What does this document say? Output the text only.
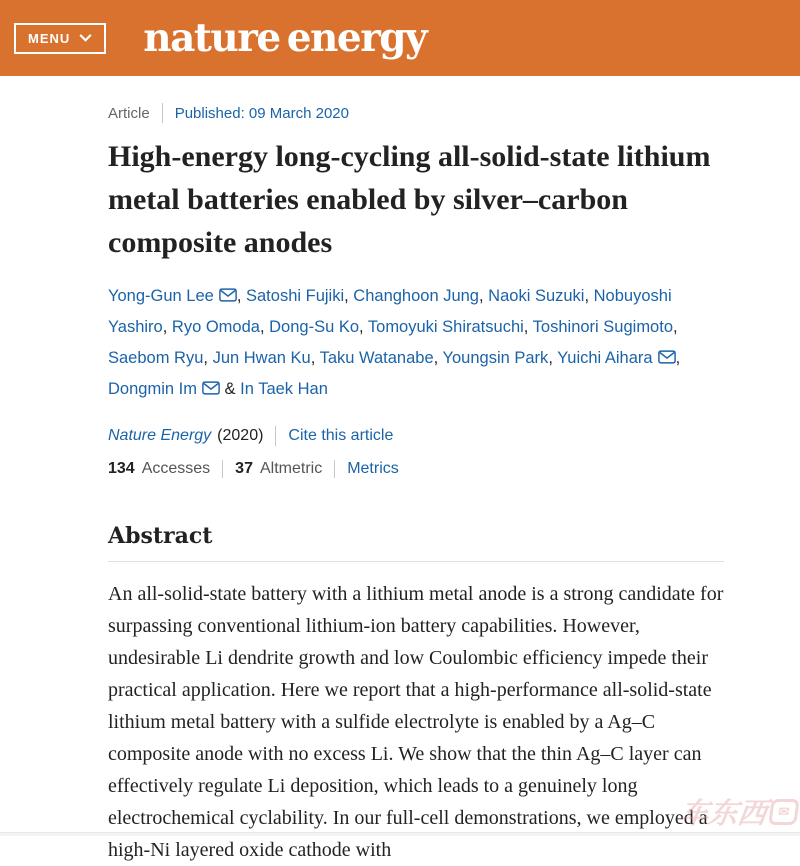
MENU nature energy
Article Published: 09 March 2020
High-energy long-cycling all-solid-state lithium metal batteries enabled by silver–carbon composite anodes
Yong-Gun Lee , Satoshi Fujiki, Changhoon Jung, Naoki Suzuki, Nobuyoshi Yashiro, Ryo Omoda, Dong-Su Ko, Tomoyuki Shiratsuchi, Toshinori Sugimoto, Saebom Ryu, Jun Hwan Ku, Taku Watanabe, Youngsin Park, Yuichi Aihara , Dongmin Im & In Taek Han
Nature Energy (2020) Cite this article
134 Accesses 37 Altmetric Metrics
Abstract

An all-solid-state battery with a lithium metal anode is a strong candidate for surpassing conventional lithium-ion battery capabilities. However, undesirable Li dendrite growth and low Coulombic efficiency impede their practical application. Here we report that a high-performance all-solid-state lithium metal battery with a sulfide electrolyte is enabled by a Ag–C composite anode with no excess Li. We show that the thin Ag–C layer can effectively regulate Li deposition, which leads to a genuinely long electrochemical cyclability. In our full-cell demonstrations, we employed a high-Ni layered oxide cathode with

车东西 ✉
